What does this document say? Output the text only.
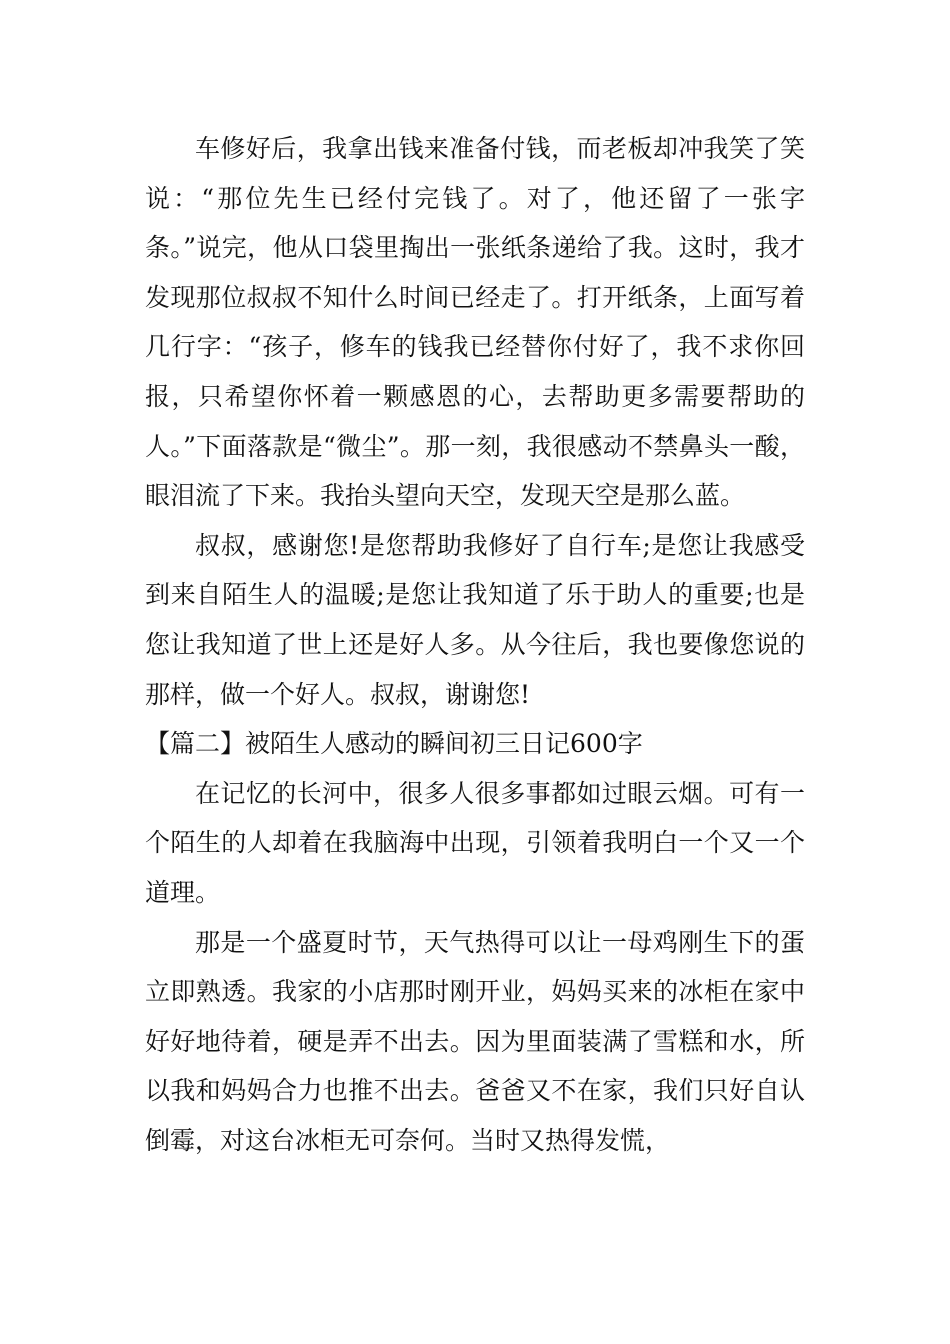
车修好后，我拿出钱来准备付钱，而老板却冲我笑了笑说：“那位先生已经付完钱了。对了，他还留了一张字条。”说完，他从口袋里掏出一张纸条递给了我。这时，我才发现那位叔叔不知什么时间已经走了。打开纸条，上面写着几行字：“孩子，修车的钱我已经替你付好了，我不求你回报，只希望你怀着一颗感恩的心，去帮助更多需要帮助的人。”下面落款是“微尘”。那一刻，我很感动不禁鼻头一酸，眼泪流了下来。我抬头望向天空，发现天空是那么蓝。

叔叔，感谢您!是您帮助我修好了自行车;是您让我感受到来自陌生人的温暖;是您让我知道了乐于助人的重要;也是您让我知道了世上还是好人多。从今往后，我也要像您说的那样，做一个好人。叔叔，谢谢您!

【篇二】被陌生人感动的瞬间初三日记600字

在记忆的长河中，很多人很多事都如过眼云烟。可有一个陌生的人却着在我脑海中出现，引领着我明白一个又一个道理。

那是一个盛夏时节，天气热得可以让一母鸡刚生下的蛋立即熟透。我家的小店那时刚开业，妈妈买来的冰柜在家中好好地待着，硬是弄不出去。因为里面装满了雪糕和水，所以我和妈妈合力也推不出去。爸爸又不在家，我们只好自认倒霉，对这台冰柜无可奈何。当时又热得发慌，
